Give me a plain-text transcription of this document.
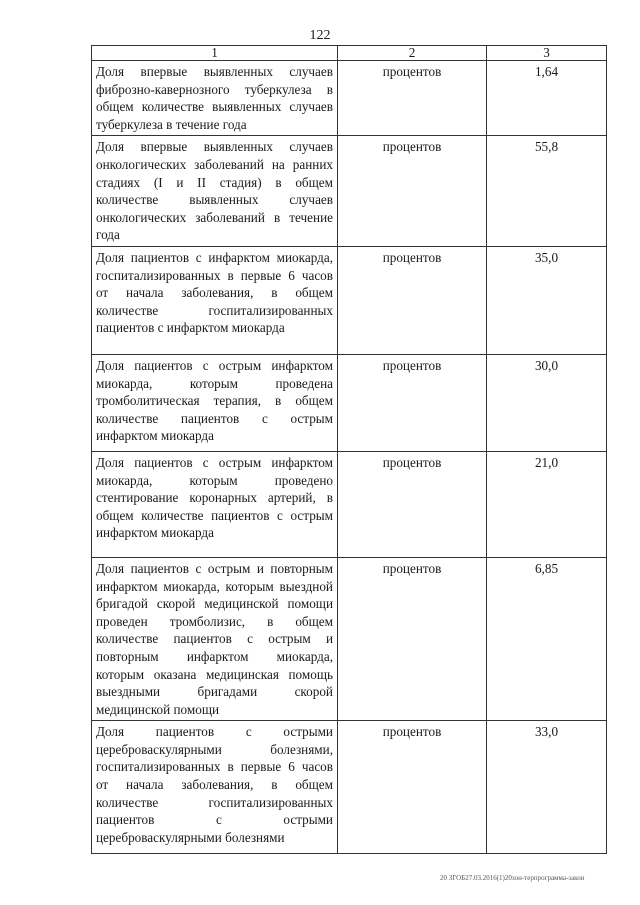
122
1	2	3
Доля впервые выявленных случаев фиброзно-кавернозного туберкулеза в общем количестве выявленных случаев туберкулеза в течение года	процентов	1,64
Доля впервые выявленных случаев онкологических заболеваний на ранних стадиях (I и II стадия) в общем количестве выявленных случаев онкологических заболеваний в течение года	процентов	55,8
Доля пациентов с инфарктом миокарда, госпитализированных в первые 6 часов от начала заболевания, в общем количестве госпитализированных пациентов с инфарктом миокарда	процентов	35,0
Доля пациентов с острым инфарктом миокарда, которым проведена тромболитическая терапия, в общем количестве пациентов с острым инфарктом миокарда	процентов	30,0
Доля пациентов с острым инфарктом миокарда, которым проведено стентирование коронарных артерий, в общем количестве пациентов с острым инфарктом миокарда	процентов	21,0
Доля пациентов с острым и повторным инфарктом миокарда, которым выездной бригадой скорой медицинской помощи проведен тромболизис, в общем количестве пациентов с острым и повторным инфарктом миокарда, которым оказана медицинская помощь выездными бригадами скорой медицинской помощи	процентов	6,85
Доля пациентов с острыми цереброваскулярными болезнями, госпитализированных в первые 6 часов от начала заболевания, в общем количестве госпитализированных пациентов с острыми цереброваскулярными болезнями	процентов	33,0
20 ЗГОБ27.03.2016(1)20зон-терпрограмма-закон
